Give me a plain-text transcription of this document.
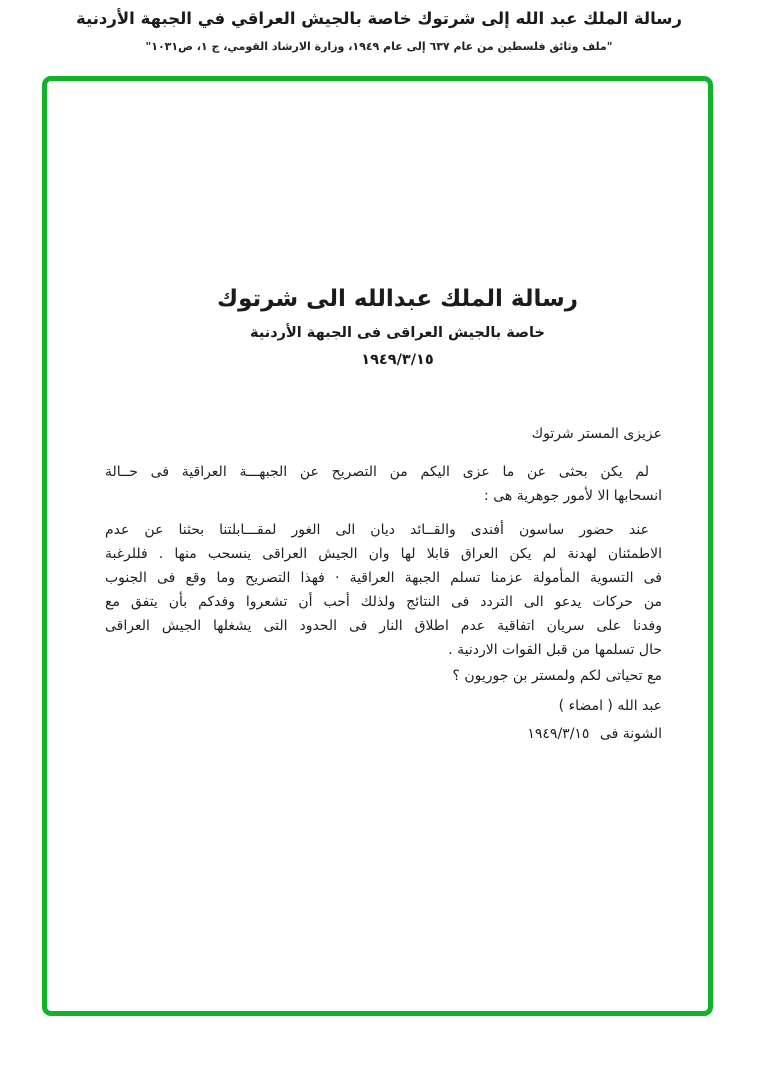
رسالة الملك عبد الله إلى شرتوك خاصة بالجيش العراقي في الجبهة الأردنية
"ملف وثائق فلسطين من عام ٦٣٧ إلى عام ١٩٤٩، وزارة الارشاد القومي، ج ١، ص١٠٣١"
رسالة الملك عبدالله الى شرتوك
خاصة بالجيش العراقى فى الجبهة الأردنية
١٩٤٩/٣/١٥
عزيزى المستر شرتوك
لم يكن بحثى عن ما عزى اليكم من التصريح عن الجبهـــة العراقية فى حــالة
انسحابها الا لأمور جوهرية هى :
عند حضور ساسون أفندى والقــائد ديان الى الغور لمقـــابلتنا بحثنا عن عدم
الاطمئنان لهدنة لم يكن العراق قابلا لها وان الجيش العراقى ينسحب منها . فللرغبة
فى التسوية المأمولة عزمنا تسلم الجبهة العراقية · فهذا التصريح وما وقع فى الجنوب
من حركات يدعو الى التردد فى النتائج ولذلك أحب أن تشعروا وفدكم بأن يتفق مع
وفدنا على سريان اتفاقية عدم اطلاق النار فى الحدود التى يشغلها الجيش العراقى
حال تسلمها من قبل القوات الاردنية .
مع تحياتى لكم ولمستر بن جوريون ؟
عبد الله ( امضاء )
الشونة فى ١٩٤٩/٣/١٥
